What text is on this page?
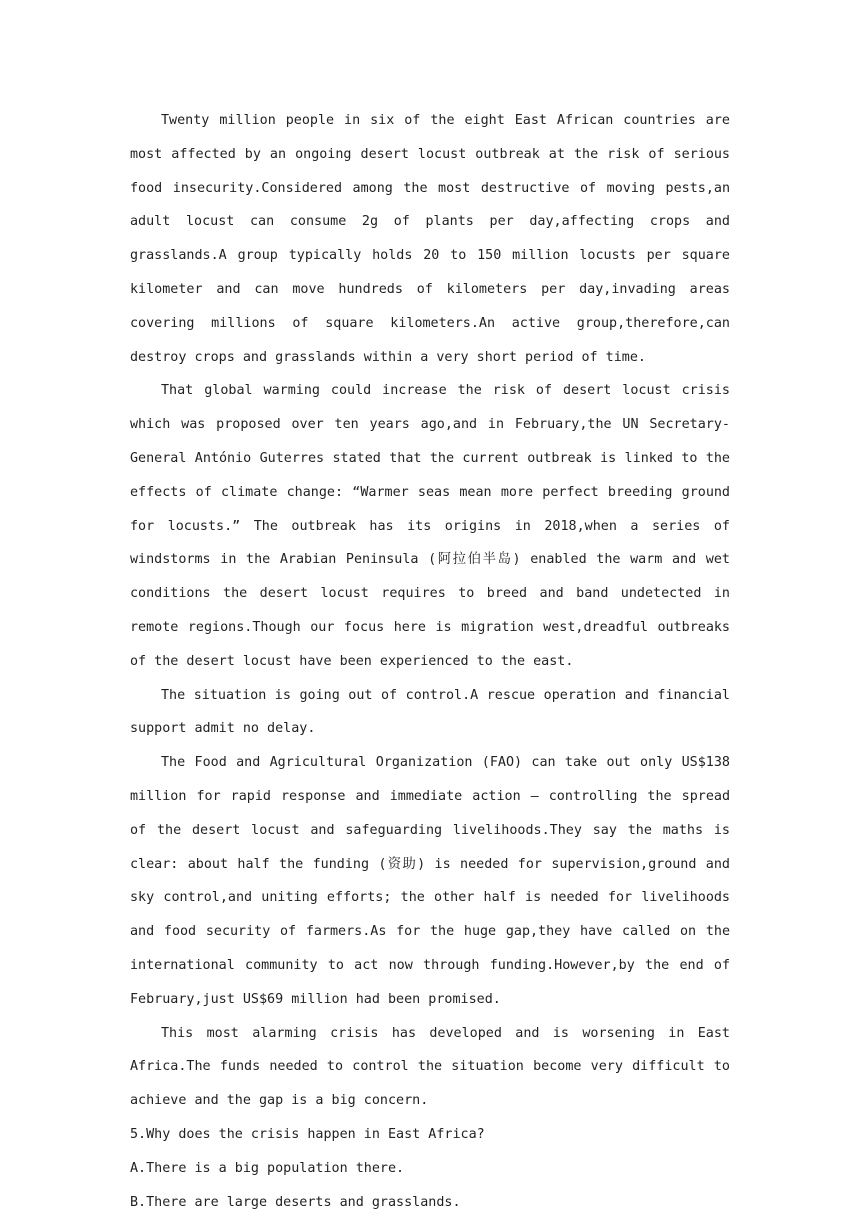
Twenty million people in six of the eight East African countries are most affected by an ongoing desert locust outbreak at the risk of serious food insecurity.Considered among the most destructive of moving pests,an adult locust can consume 2g of plants per day,affecting crops and grasslands.A group typically holds 20 to 150 million locusts per square kilometer and can move hundreds of kilometers per day,invading areas covering millions of square kilometers.An active group,therefore,can destroy crops and grasslands within a very short period of time.

That global warming could increase the risk of desert locust crisis which was proposed over ten years ago,and in February,the UN Secretary-General António Guterres stated that the current outbreak is linked to the effects of climate change: “Warmer seas mean more perfect breeding ground for locusts.” The outbreak has its origins in 2018,when a series of windstorms in the Arabian Peninsula (阿拉伯半岛) enabled the warm and wet conditions the desert locust requires to breed and band undetected in remote regions.Though our focus here is migration west,dreadful outbreaks of the desert locust have been experienced to the east.

The situation is going out of control.A rescue operation and financial support admit no delay.

The Food and Agricultural Organization (FAO) can take out only US$138 million for rapid response and immediate action — controlling the spread of the desert locust and safeguarding livelihoods.They say the maths is clear: about half the funding (资助) is needed for supervision,ground and sky control,and uniting efforts; the other half is needed for livelihoods and food security of farmers.As for the huge gap,they have called on the international community to act now through funding.However,by the end of February,just US$69 million had been promised.

This most alarming crisis has developed and is worsening in East Africa.The funds needed to control the situation become very difficult to achieve and the gap is a big concern.

5.Why does the crisis happen in East Africa?

A.There is a big population there.

B.There are large deserts and grasslands.
